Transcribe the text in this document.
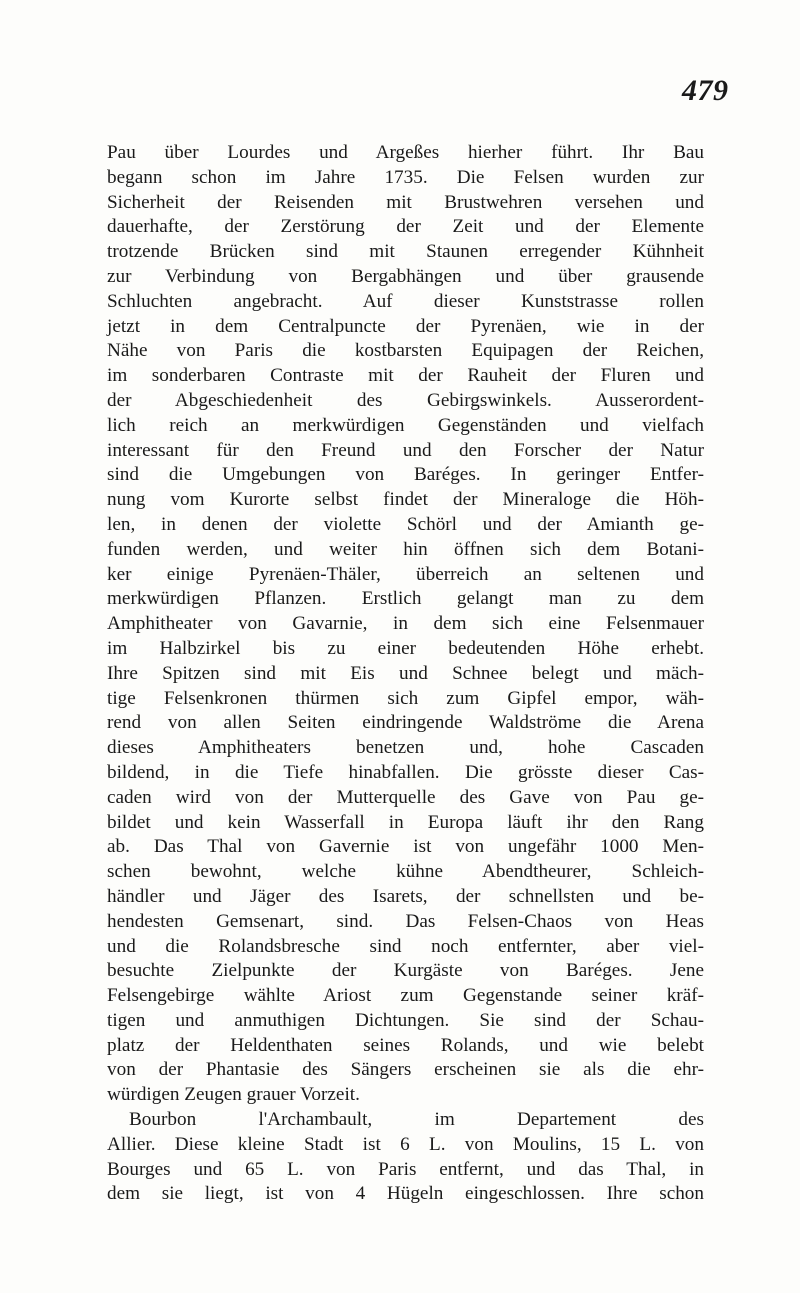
479
Pau über Lourdes und Argeßes hierher führt. Ihr Bau
begann schon im Jahre 1735. Die Felsen wurden zur
Sicherheit der Reisenden mit Brustwehren versehen und
dauerhafte, der Zerstörung der Zeit und der Elemente
trotzende Brücken sind mit Staunen erregender Kühnheit
zur Verbindung von Bergabhängen und über grausende
Schluchten angebracht. Auf dieser Kunststrasse rollen
jetzt in dem Centralpuncte der Pyrenäen, wie in der
Nähe von Paris die kostbarsten Equipagen der Reichen,
im sonderbaren Contraste mit der Rauheit der Fluren und
der Abgeschiedenheit des Gebirgswinkels. Ausserordent-
lich reich an merkwürdigen Gegenständen und vielfach
interessant für den Freund und den Forscher der Natur
sind die Umgebungen von Baréges. In geringer Entfer-
nung vom Kurorte selbst findet der Mineraloge die Höh-
len, in denen der violette Schörl und der Amianth ge-
funden werden, und weiter hin öffnen sich dem Botani-
ker einige Pyrenäen-Thäler, überreich an seltenen und
merkwürdigen Pflanzen. Erstlich gelangt man zu dem
Amphitheater von Gavarnie, in dem sich eine Felsenmauer
im Halbzirkel bis zu einer bedeutenden Höhe erhebt.
Ihre Spitzen sind mit Eis und Schnee belegt und mäch-
tige Felsenkronen thürmen sich zum Gipfel empor, wäh-
rend von allen Seiten eindringende Waldströme die Arena
dieses Amphitheaters benetzen und, hohe Cascaden
bildend, in die Tiefe hinabfallen. Die grösste dieser Cas-
caden wird von der Mutterquelle des Gave von Pau ge-
bildet und kein Wasserfall in Europa läuft ihr den Rang
ab. Das Thal von Gavernie ist von ungefähr 1000 Men-
schen bewohnt, welche kühne Abendtheurer, Schleich-
händler und Jäger des Isarets, der schnellsten und be-
hendesten Gemsenart, sind. Das Felsen-Chaos von Heas
und die Rolandsbresche sind noch entfernter, aber viel-
besuchte Zielpunkte der Kurgäste von Baréges. Jene
Felsengebirge wählte Ariost zum Gegenstande seiner kräf-
tigen und anmuthigen Dichtungen. Sie sind der Schau-
platz der Heldenthaten seines Rolands, und wie belebt
von der Phantasie des Sängers erscheinen sie als die ehr-
würdigen Zeugen grauer Vorzeit.
Bourbon l'Archambault, im Departement des
Allier. Diese kleine Stadt ist 6 L. von Moulins, 15 L. von
Bourges und 65 L. von Paris entfernt, und das Thal, in
dem sie liegt, ist von 4 Hügeln eingeschlossen. Ihre schon
